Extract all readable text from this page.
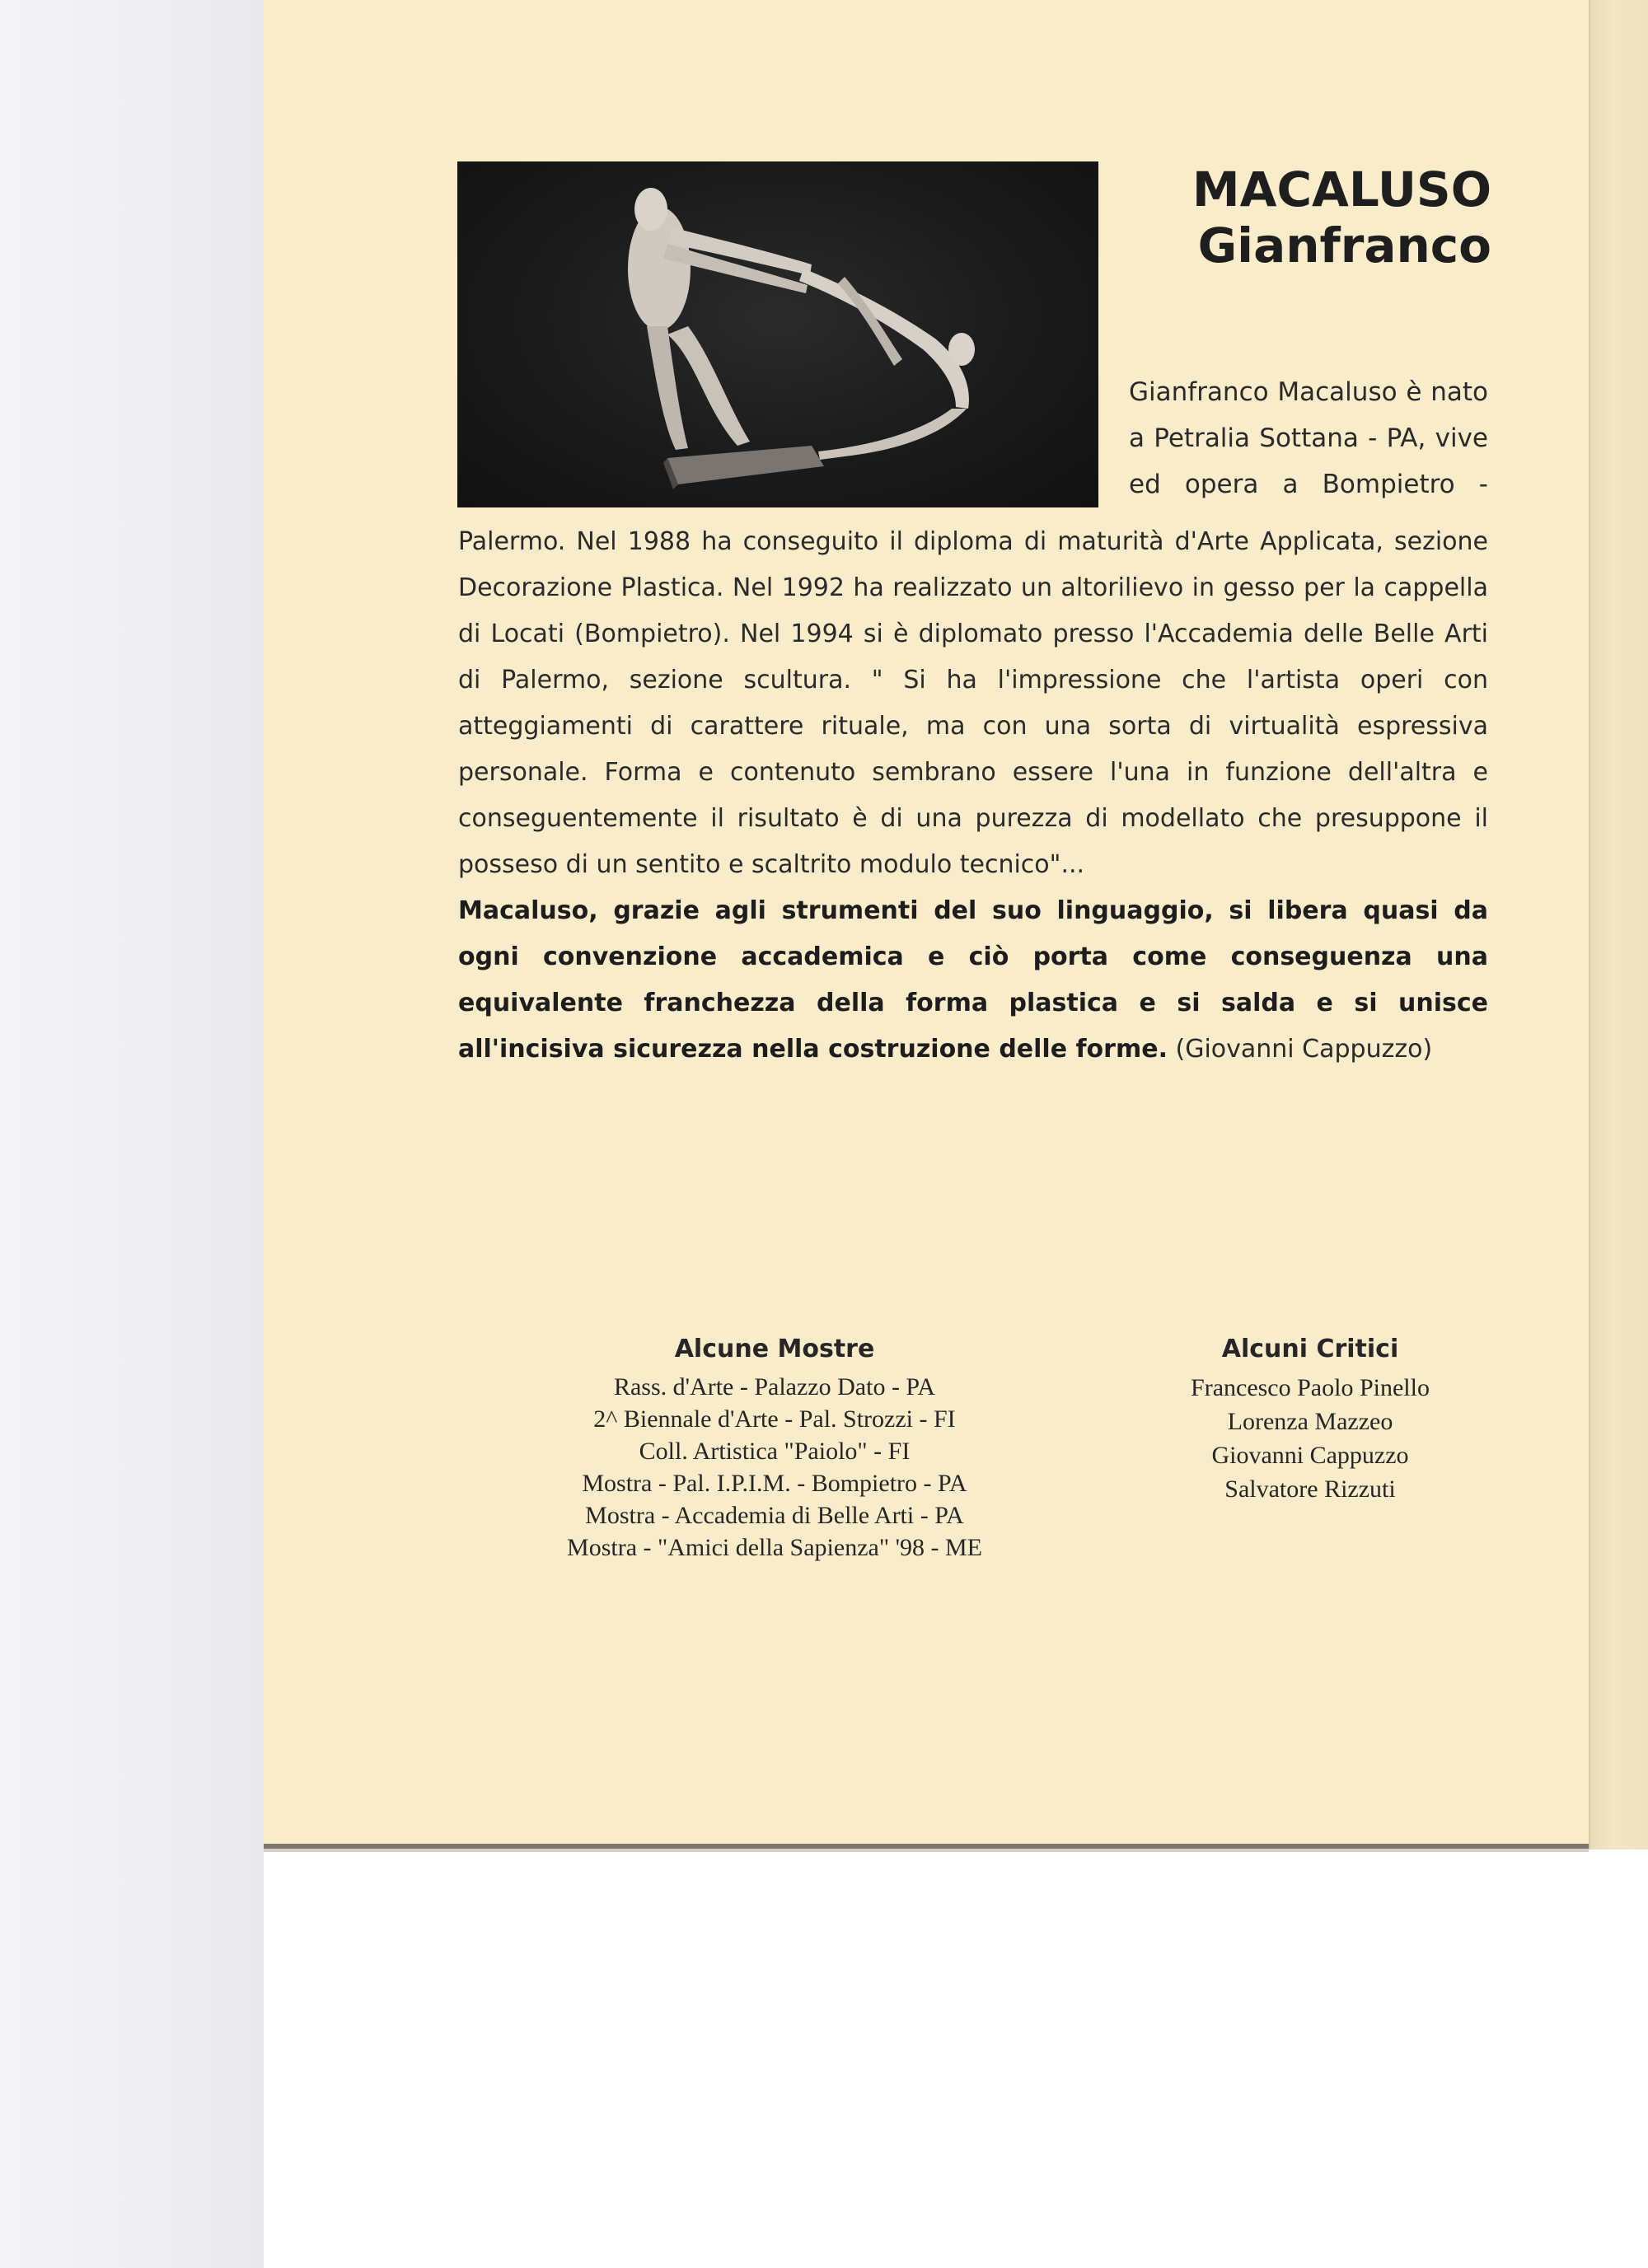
MACALUSO
Gianfranco
Gianfranco Macaluso è nato
a Petralia Sottana - PA, vive
ed opera a Bompietro -
Palermo. Nel 1988 ha conseguito il diploma di maturità d'Arte Applicata, sezione Decorazione Plastica. Nel 1992 ha realizzato un altorilievo in gesso per la cappella di Locati (Bompietro). Nel 1994 si è diplomato presso l'Accademia delle Belle Arti di Palermo, sezione scultura. " Si ha l'impressione che l'artista operi con atteggiamenti di carattere rituale, ma con una sorta di virtualità espressiva personale. Forma e contenuto sembrano essere l'una in funzione dell'altra e conseguentemente il risultato è di una purezza di modellato che presuppone il posseso di un sentito e scaltrito modulo tecnico"...
Macaluso, grazie agli strumenti del suo linguaggio, si libera quasi da ogni convenzione accademica e ciò porta come conseguenza una equivalente franchezza della forma plastica e si salda e si unisce all'incisiva sicurezza nella costruzione delle forme. (Giovanni Cappuzzo)
Alcune Mostre
Rass. d'Arte - Palazzo Dato - PA
2^ Biennale d'Arte - Pal. Strozzi - FI
Coll. Artistica "Paiolo" - FI
Mostra - Pal. I.P.I.M. - Bompietro - PA
Mostra - Accademia di Belle Arti - PA
Mostra - "Amici della Sapienza" '98 - ME
Alcuni Critici
Francesco Paolo Pinello
Lorenza Mazzeo
Giovanni Cappuzzo
Salvatore Rizzuti
